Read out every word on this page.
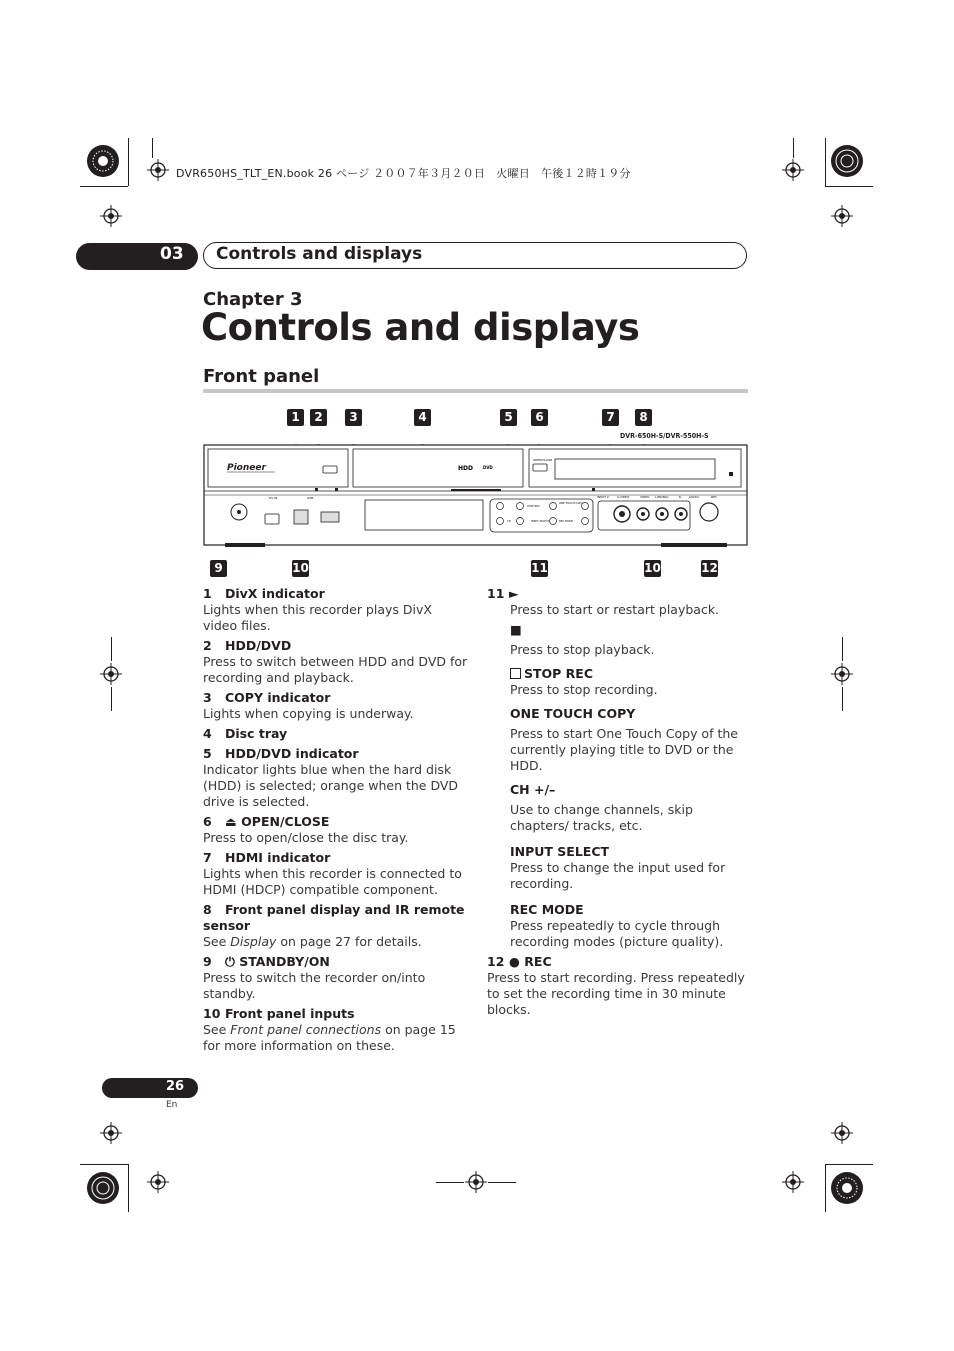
DVR650HS_TLT_EN.book 26 ページ ２００７年３月２０日　火曜日　午後１２時１９分
03	Controls and displays
Chapter 3
Controls and displays
Front panel
1	2	3	4	5	6	7	8
9	10	11	10	12
DVR-650H-S/DVR-550H-S
Pioneer	HDD	DVD
OPEN/CLOSE
DV IN	USB
STOP REC
ONE TOUCH COPY
CH	INPUT SELECT	REC MODE
INPUT 2	S-VIDEO	VIDEO L(MONO)	R	AUDIO	REC
1 DivX indicator
Lights when this recorder plays DivX video files.
2 HDD/DVD
Press to switch between HDD and DVD for recording and playback.
3 COPY indicator
Lights when copying is underway.
4 Disc tray
5 HDD/DVD indicator
Indicator lights blue when the hard disk (HDD) is selected; orange when the DVD drive is selected.
6 ⏏ OPEN/CLOSE
Press to open/close the disc tray.
7 HDMI indicator
Lights when this recorder is connected to HDMI (HDCP) compatible component.
8 Front panel display and IR remote sensor
See Display on page 27 for details.
9 ⏻ STANDBY/ON
Press to switch the recorder on/into standby.
10 Front panel inputs
See Front panel connections on page 15 for more information on these.
11 ►
Press to start or restart playback.
■
Press to stop playback.
STOP REC
Press to stop recording.
ONE TOUCH COPY
Press to start One Touch Copy of the currently playing title to DVD or the HDD.
CH +/–
Use to change channels, skip chapters/ tracks, etc.
INPUT SELECT
Press to change the input used for recording.
REC MODE
Press repeatedly to cycle through recording modes (picture quality).
12 ● REC
Press to start recording. Press repeatedly to set the recording time in 30 minute blocks.
26
En
